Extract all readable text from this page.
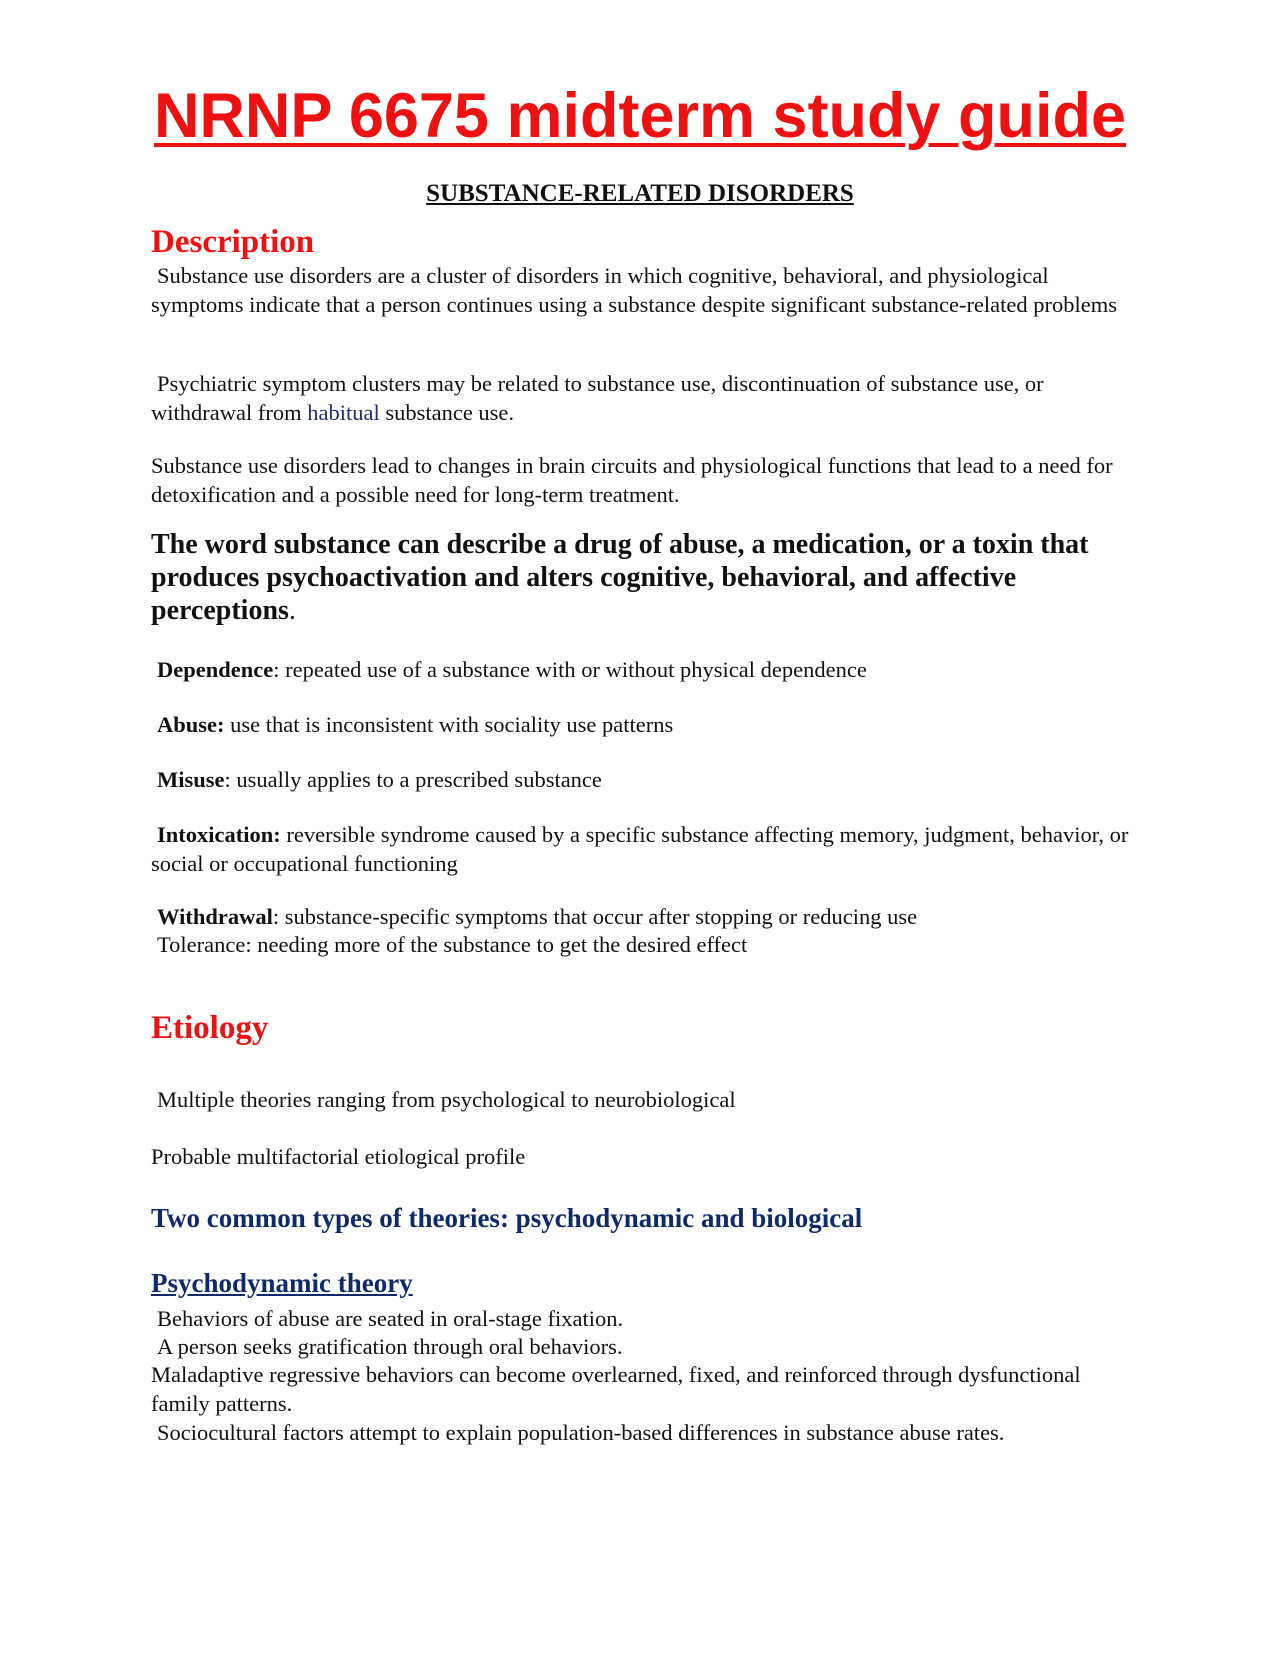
NRNP 6675 midterm study guide
SUBSTANCE-RELATED DISORDERS
Description

Substance use disorders are a cluster of disorders in which cognitive, behavioral, and physiological symptoms indicate that a person continues using a substance despite significant substance-related problems

Psychiatric symptom clusters may be related to substance use, discontinuation of substance use, or withdrawal from habitual substance use.

Substance use disorders lead to changes in brain circuits and physiological functions that lead to a need for detoxification and a possible need for long-term treatment.

The word substance can describe a drug of abuse, a medication, or a toxin that produces psychoactivation and alters cognitive, behavioral, and affective perceptions.

Dependence: repeated use of a substance with or without physical dependence

Abuse: use that is inconsistent with sociality use patterns

Misuse: usually applies to a prescribed substance

Intoxication: reversible syndrome caused by a specific substance affecting memory, judgment, behavior, or social or occupational functioning

Withdrawal: substance-specific symptoms that occur after stopping or reducing use

Tolerance: needing more of the substance to get the desired effect

Etiology

Multiple theories ranging from psychological to neurobiological

Probable multifactorial etiological profile

Two common types of theories: psychodynamic and biological
Psychodynamic theory

Behaviors of abuse are seated in oral-stage fixation.

A person seeks gratification through oral behaviors.

Maladaptive regressive behaviors can become overlearned, fixed, and reinforced through dysfunctional family patterns.

Sociocultural factors attempt to explain population-based differences in substance abuse rates.
